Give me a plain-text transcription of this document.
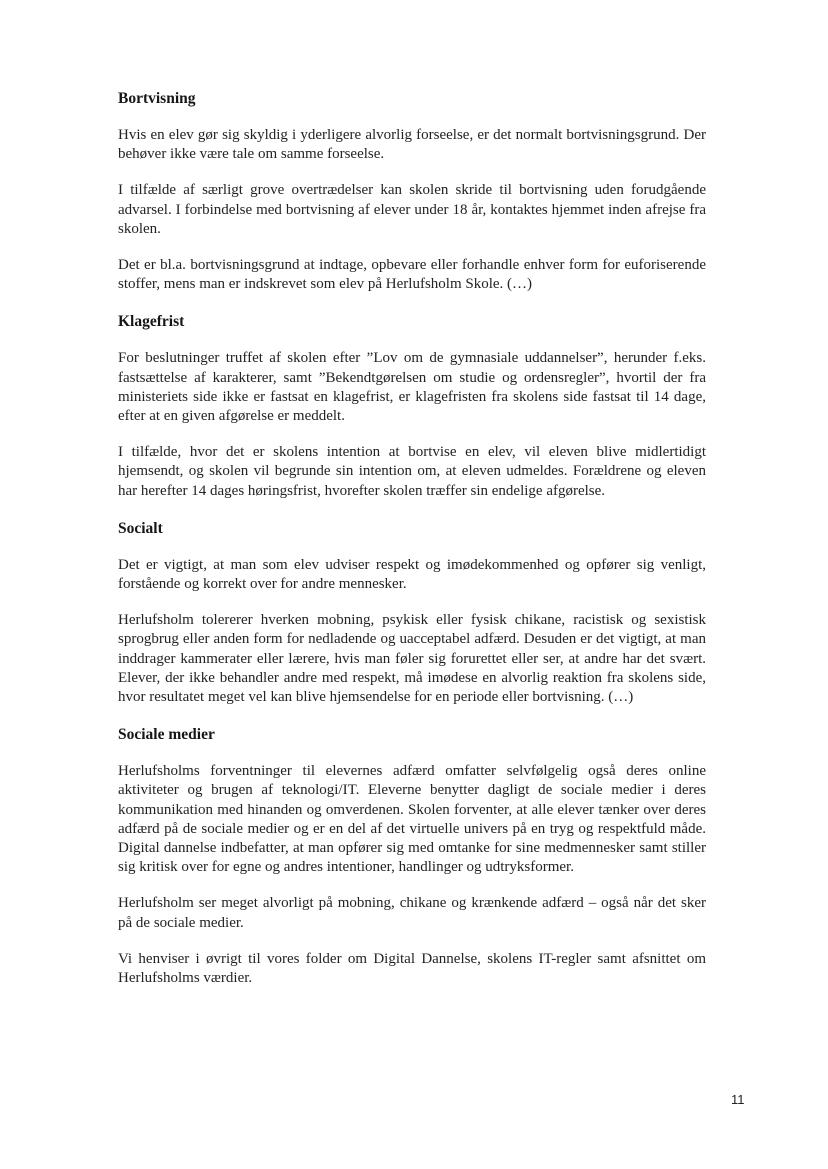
Bortvisning

Hvis en elev gør sig skyldig i yderligere alvorlig forseelse, er det normalt bortvisningsgrund. Der behøver ikke være tale om samme forseelse.

I tilfælde af særligt grove overtrædelser kan skolen skride til bortvisning uden forudgående advarsel. I forbindelse med bortvisning af elever under 18 år, kontaktes hjemmet inden afrejse fra skolen.

Det er bl.a. bortvisningsgrund at indtage, opbevare eller forhandle enhver form for euforiserende stoffer, mens man er indskrevet som elev på Herlufsholm Skole. (…)

Klagefrist

For beslutninger truffet af skolen efter ”Lov om de gymnasiale uddannelser”, herunder f.eks. fastsættelse af karakterer, samt ”Bekendtgørelsen om studie og ordensregler”, hvortil der fra ministeriets side ikke er fastsat en klagefrist, er klagefristen fra skolens side fastsat til 14 dage, efter at en given afgørelse er meddelt.

I tilfælde, hvor det er skolens intention at bortvise en elev, vil eleven blive midlertidigt hjemsendt, og skolen vil begrunde sin intention om, at eleven udmeldes. Forældrene og eleven har herefter 14 dages høringsfrist, hvorefter skolen træffer sin endelige afgørelse.

Socialt

Det er vigtigt, at man som elev udviser respekt og imødekommenhed og opfører sig venligt, forstående og korrekt over for andre mennesker.

Herlufsholm tolererer hverken mobning, psykisk eller fysisk chikane, racistisk og sexistisk sprogbrug eller anden form for nedladende og uacceptabel adfærd. Desuden er det vigtigt, at man inddrager kammerater eller lærere, hvis man føler sig forurettet eller ser, at andre har det svært. Elever, der ikke behandler andre med respekt, må imødese en alvorlig reaktion fra skolens side, hvor resultatet meget vel kan blive hjemsendelse for en periode eller bortvisning. (…)

Sociale medier

Herlufsholms forventninger til elevernes adfærd omfatter selvfølgelig også deres online aktiviteter og brugen af teknologi/IT. Eleverne benytter dagligt de sociale medier i deres kommunikation med hinanden og omverdenen. Skolen forventer, at alle elever tænker over deres adfærd på de sociale medier og er en del af det virtuelle univers på en tryg og respektfuld måde. Digital dannelse indbefatter, at man opfører sig med omtanke for sine medmennesker samt stiller sig kritisk over for egne og andres intentioner, handlinger og udtryksformer.

Herlufsholm ser meget alvorligt på mobning, chikane og krænkende adfærd – også når det sker på de sociale medier.

Vi henviser i øvrigt til vores folder om Digital Dannelse, skolens IT-regler samt afsnittet om Herlufsholms værdier.

11
